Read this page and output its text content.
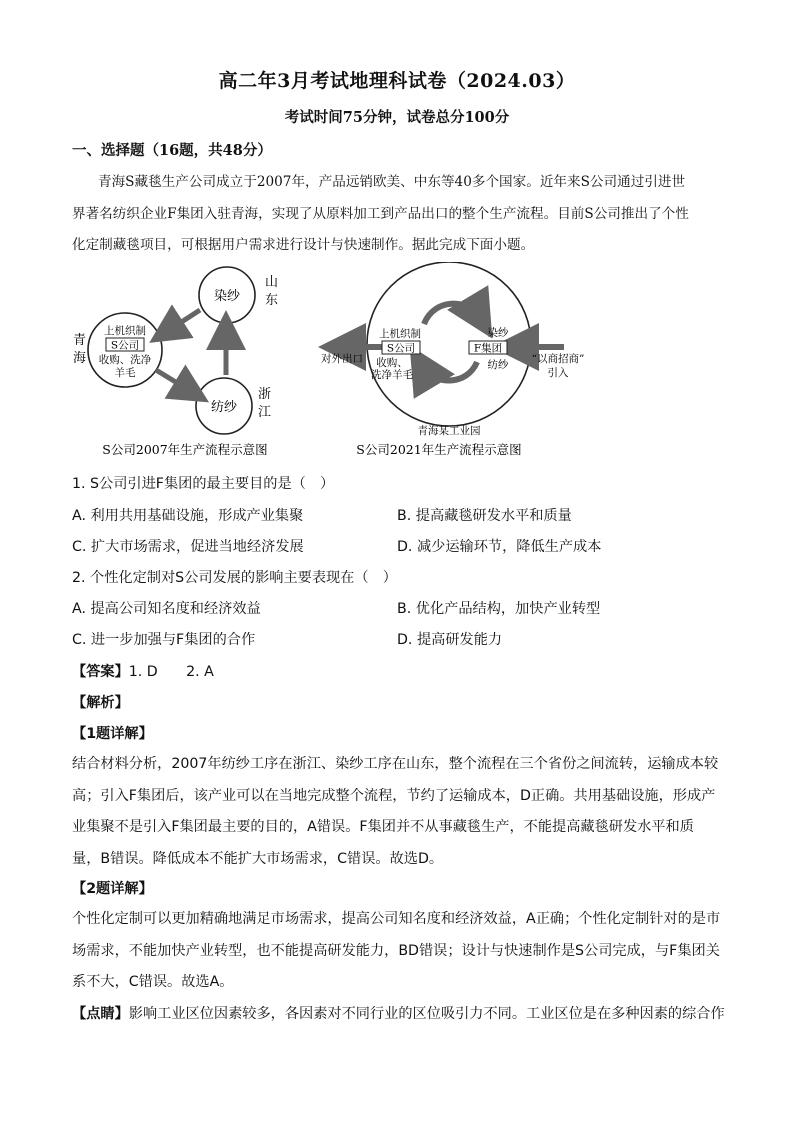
高二年3月考试地理科试卷（2024.03）
考试时间75分钟，试卷总分100分
一、选择题（16题，共48分）
青海S藏毯生产公司成立于2007年，产品远销欧美、中东等40多个国家。近年来S公司通过引进世
界著名纺织企业F集团入驻青海，实现了从原料加工到产品出口的整个生产流程。目前S公司推出了个性
化定制藏毯项目，可根据用户需求进行设计与快速制作。据此完成下面小题。
染纱
纺纱
上机织制
S公司
收购、洗净
羊毛
山
东
青
海
浙
江
S公司2007年生产流程示意图
上机织制
S公司
收购、
洗净羊毛
染纱
F集团
纺纱
对外出口	“以商招商”
引入
青海某工业园
S公司2021年生产流程示意图
1. S公司引进F集团的最主要目的是（　）
A. 利用共用基础设施，形成产业集聚	B. 提高藏毯研发水平和质量
C. 扩大市场需求，促进当地经济发展	D. 减少运输环节，降低生产成本
2. 个性化定制对S公司发展的影响主要表现在（　）
A. 提高公司知名度和经济效益	B. 优化产品结构，加快产业转型
C. 进一步加强与F集团的合作	D. 提高研发能力
【答案】1. D　　2. A
【解析】
【1题详解】
结合材料分析，2007年纺纱工序在浙江、染纱工序在山东，整个流程在三个省份之间流转，运输成本较高；引入F集团后，该产业可以在当地完成整个流程，节约了运输成本，D正确。共用基础设施，形成产业集聚不是引入F集团最主要的目的，A错误。F集团并不从事藏毯生产，不能提高藏毯研发水平和质量，B错误。降低成本不能扩大市场需求，C错误。故选D。
【2题详解】
个性化定制可以更加精确地满足市场需求，提高公司知名度和经济效益，A正确；个性化定制针对的是市场需求，不能加快产业转型，也不能提高研发能力，BD错误；设计与快速制作是S公司完成，与F集团关系不大，C错误。故选A。
【点睛】影响工业区位因素较多，各因素对不同行业的区位吸引力不同。工业区位是在多种因素的综合作
